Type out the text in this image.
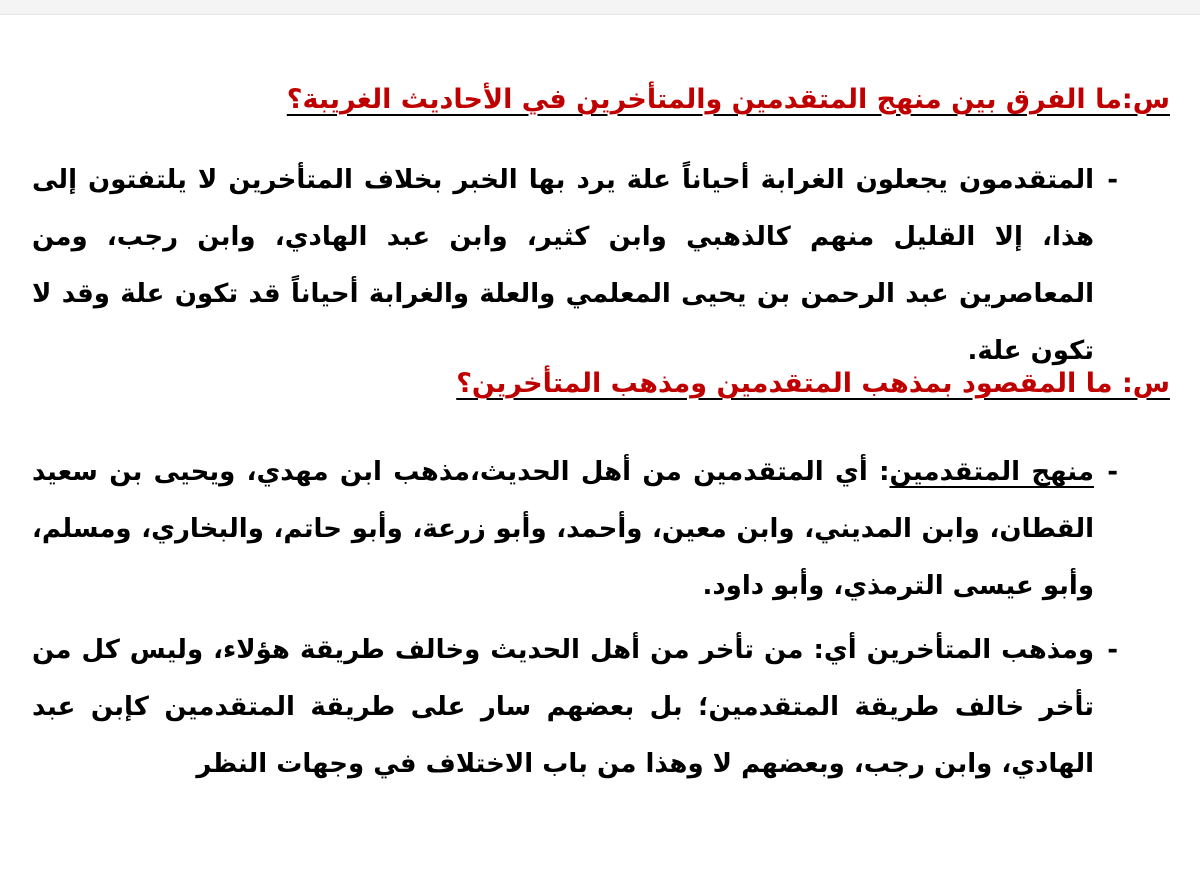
س:ما الفرق بين منهج المتقدمين والمتأخرين في الأحاديث الغريبة؟
-
المتقدمون يجعلون الغرابة أحياناً علة يرد بها الخبر بخلاف المتأخرين لا يلتفتون إلى هذا، إلا القليل منهم كالذهبي وابن كثير، وابن عبد الهادي، وابن رجب، ومن المعاصرين عبد الرحمن بن يحيى المعلمي والعلة والغرابة أحياناً قد تكون علة وقد لا تكون علة.
س: ما المقصود بمذهب المتقدمين ومذهب المتأخرين؟
-
منهج المتقدمين: أي المتقدمين من أهل الحديث،مذهب ابن مهدي، ويحيى بن سعيد القطان، وابن المديني، وابن معين، وأحمد، وأبو زرعة، وأبو حاتم، والبخاري، ومسلم، وأبو عيسى الترمذي، وأبو داود.
-
ومذهب المتأخرين أي: من تأخر من أهل الحديث وخالف طريقة هؤلاء، وليس كل من تأخر خالف طريقة المتقدمين؛ بل بعضهم سار على طريقة المتقدمين كإبن عبد الهادي، وابن رجب، وبعضهم لا وهذا من باب الاختلاف في وجهات النظر
